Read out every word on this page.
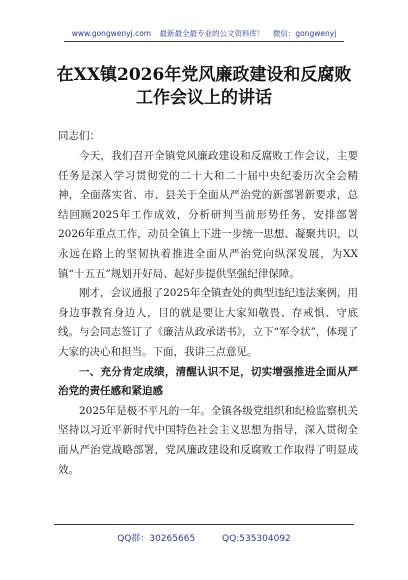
www.gongwenyj.com 最新最全最专业的公文资料库！ 微信：gongwenyj
在XX镇2026年党风廉政建设和反腐败
工作会议上的讲话
同志们：

今天，我们召开全镇党风廉政建设和反腐败工作会议，主要任务是深入学习贯彻党的二十大和二十届中央纪委历次全会精神，全面落实省、市、县关于全面从严治党的新部署新要求，总结回顾2025年工作成效，分析研判当前形势任务，安排部署2026年重点工作，动员全镇上下进一步统一思想、凝聚共识，以永远在路上的坚韧执着推进全面从严治党向纵深发展，为XX镇“十五五”规划开好局、起好步提供坚强纪律保障。

刚才，会议通报了2025年全镇查处的典型违纪违法案例，用身边事教育身边人，目的就是要让大家知敬畏、存戒惧、守底线。与会同志签订了《廉洁从政承诺书》，立下“军令状”，体现了大家的决心和担当。下面，我讲三点意见。

一、充分肯定成绩，清醒认识不足，切实增强推进全面从严治党的责任感和紧迫感

2025年是极不平凡的一年。全镇各级党组织和纪检监察机关坚持以习近平新时代中国特色社会主义思想为指导，深入贯彻全面从严治党战略部署，党风廉政建设和反腐败工作取得了明显成效。

QQ群：30265665	QQ:535304092
